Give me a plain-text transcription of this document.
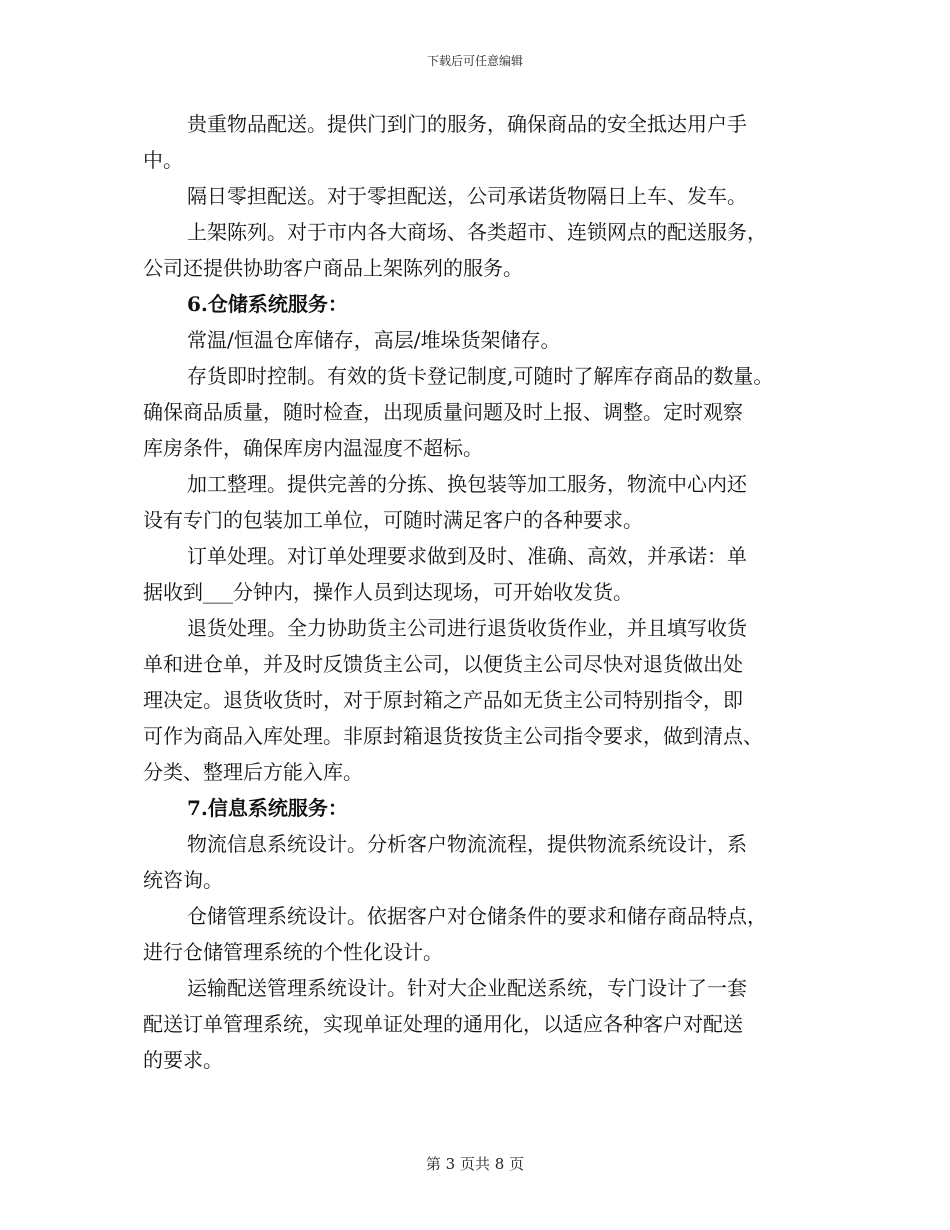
下载后可任意编辑
贵重物品配送。提供门到门的服务，确保商品的安全抵达用户手
中。
隔日零担配送。对于零担配送，公司承诺货物隔日上车、发车。
上架陈列。对于市内各大商场、各类超市、连锁网点的配送服务，
公司还提供协助客户商品上架陈列的服务。
6.仓储系统服务：
常温/恒温仓库储存，高层/堆垛货架储存。
存货即时控制。有效的货卡登记制度,可随时了解库存商品的数量。
确保商品质量，随时检查，出现质量问题及时上报、调整。定时观察
库房条件，确保库房内温湿度不超标。
加工整理。提供完善的分拣、换包装等加工服务，物流中心内还
设有专门的包装加工单位，可随时满足客户的各种要求。
订单处理。对订单处理要求做到及时、准确、高效，并承诺：单
据收到___分钟内，操作人员到达现场，可开始收发货。
退货处理。全力协助货主公司进行退货收货作业，并且填写收货
单和进仓单，并及时反馈货主公司，以便货主公司尽快对退货做出处
理决定。退货收货时，对于原封箱之产品如无货主公司特别指令，即
可作为商品入库处理。非原封箱退货按货主公司指令要求，做到清点、
分类、整理后方能入库。
7.信息系统服务：
物流信息系统设计。分析客户物流流程，提供物流系统设计，系
统咨询。
仓储管理系统设计。依据客户对仓储条件的要求和储存商品特点，
进行仓储管理系统的个性化设计。
运输配送管理系统设计。针对大企业配送系统，专门设计了一套
配送订单管理系统，实现单证处理的通用化，以适应各种客户对配送
的要求。
第 3 页共 8 页
